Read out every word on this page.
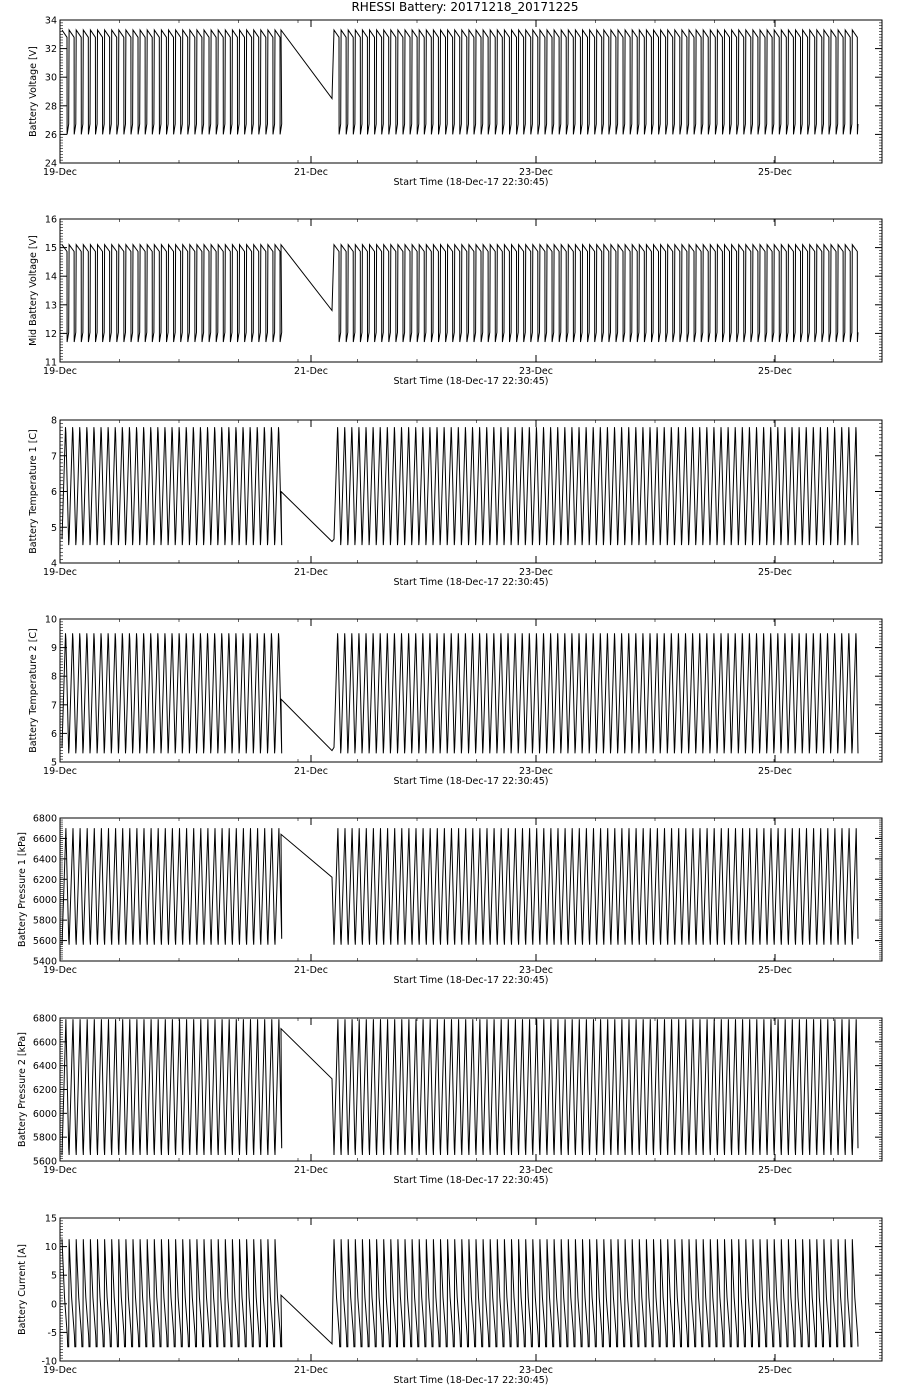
RHESSI Battery: 20171218_20171225
24
26
28
30
32
34
19-Dec	21-Dec	23-Dec	25-Dec
Start Time (18-Dec-17 22:30:45)
Battery Voltage [V]
11
12
13
14
15
16
19-Dec	21-Dec	23-Dec	25-Dec
Start Time (18-Dec-17 22:30:45)
Mid Battery Voltage [V]
4
5
6
7
8
19-Dec	21-Dec	23-Dec	25-Dec
Start Time (18-Dec-17 22:30:45)
Battery Temperature 1 [C]
5
6
7
8
9
10
19-Dec	21-Dec	23-Dec	25-Dec
Start Time (18-Dec-17 22:30:45)
Battery Temperature 2 [C]
5400
5600
5800
6000
6200
6400
6600
6800
19-Dec	21-Dec	23-Dec	25-Dec
Start Time (18-Dec-17 22:30:45)
Battery Pressure 1 [kPa]
5600
5800
6000
6200
6400
6600
6800
19-Dec	21-Dec	23-Dec	25-Dec
Start Time (18-Dec-17 22:30:45)
Battery Pressure 2 [kPa]
-10
-5
0
5
10
15
19-Dec	21-Dec	23-Dec	25-Dec
Start Time (18-Dec-17 22:30:45)
Battery Current [A]
